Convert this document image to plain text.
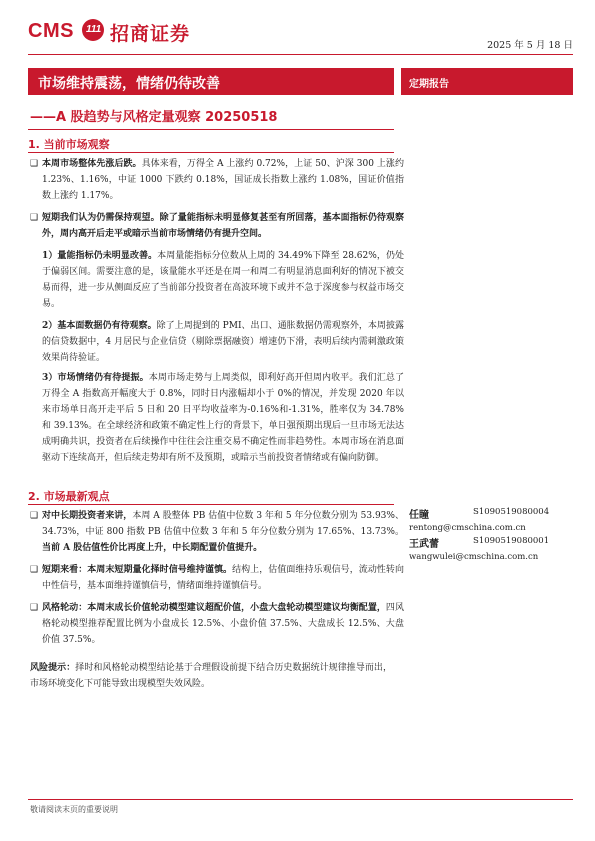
CMS 111 招商证券
2025 年 5 月 18 日
市场维持震荡，情绪仍待改善	定期报告
——A 股趋势与风格定量观察 20250518
1. 当前市场观察
❑ 本周市场整体先涨后跌。具体来看，万得全 A 上涨约 0.72%，上证 50、沪深 300 上涨约 1.23%、1.16%，中证 1000 下跌约 0.18%，国证成长指数上涨约 1.08%，国证价值指数上涨约 1.17%。
❑ 短期我们认为仍需保持观望。除了量能指标未明显修复甚至有所回落，基本面指标仍待观察外，周内高开后走平或暗示当前市场情绪仍有提升空间。
1）量能指标仍未明显改善。本周量能指标分位数从上周的 34.49%下降至 28.62%，仍处于偏弱区间。需要注意的是，该量能水平还是在周一和周二有明显消息面利好的情况下被交易而得，进一步从侧面反应了当前部分投资者在高波环境下或并不急于深度参与权益市场交易。
2）基本面数据仍有待观察。除了上周提到的 PMI、出口、通胀数据仍需观察外，本周披露的信贷数据中，4 月居民与企业信贷（剔除票据融资）增速仍下滑，表明后续内需刺激政策效果尚待验证。
3）市场情绪仍有待提振。本周市场走势与上周类似，即利好高开但周内收平。我们汇总了万得全 A 指数高开幅度大于 0.8%，同时日内涨幅却小于 0%的情况，并发现 2020 年以来市场单日高开走平后 5 日和 20 日平均收益率为-0.16%和-1.31%，胜率仅为 34.78%和 39.13%。在全球经济和政策不确定性上行的背景下，单日强预期出现后一旦市场无法达成明确共识，投资者在后续操作中往往会注重交易不确定性而非趋势性。本周市场在消息面驱动下连续高开，但后续走势却有所不及预期，或暗示当前投资者情绪或有偏向防御。
2. 市场最新观点
❑ 对中长期投资者来讲，本周 A 股整体 PB 估值中位数 3 年和 5 年分位数分别为 53.93%、34.73%，中证 800 指数 PB 估值中位数 3 年和 5 年分位数分别为 17.65%、13.73%。当前 A 股估值性价比再度上升，中长期配置价值提升。
❑ 短期来看：本周末短期量化择时信号维持谨慎。结构上，估值面维持乐观信号，流动性转向中性信号，基本面维持谨慎信号，情绪面维持谨慎信号。
❑ 风格轮动：本周末成长价值轮动模型建议超配价值，小盘大盘轮动模型建议均衡配置，四风格轮动模型推荐配置比例为小盘成长 12.5%、小盘价值 37.5%、大盘成长 12.5%、大盘价值 37.5%。
风险提示：择时和风格轮动模型结论基于合理假设前提下结合历史数据统计规律推导而出，市场环境变化下可能导致出现模型失效风险。
任瞳	S1090519080004
rentong@cmschina.com.cn
王武蕾	S1090519080001
wangwulei@cmschina.com.cn
敬请阅读末页的重要说明
